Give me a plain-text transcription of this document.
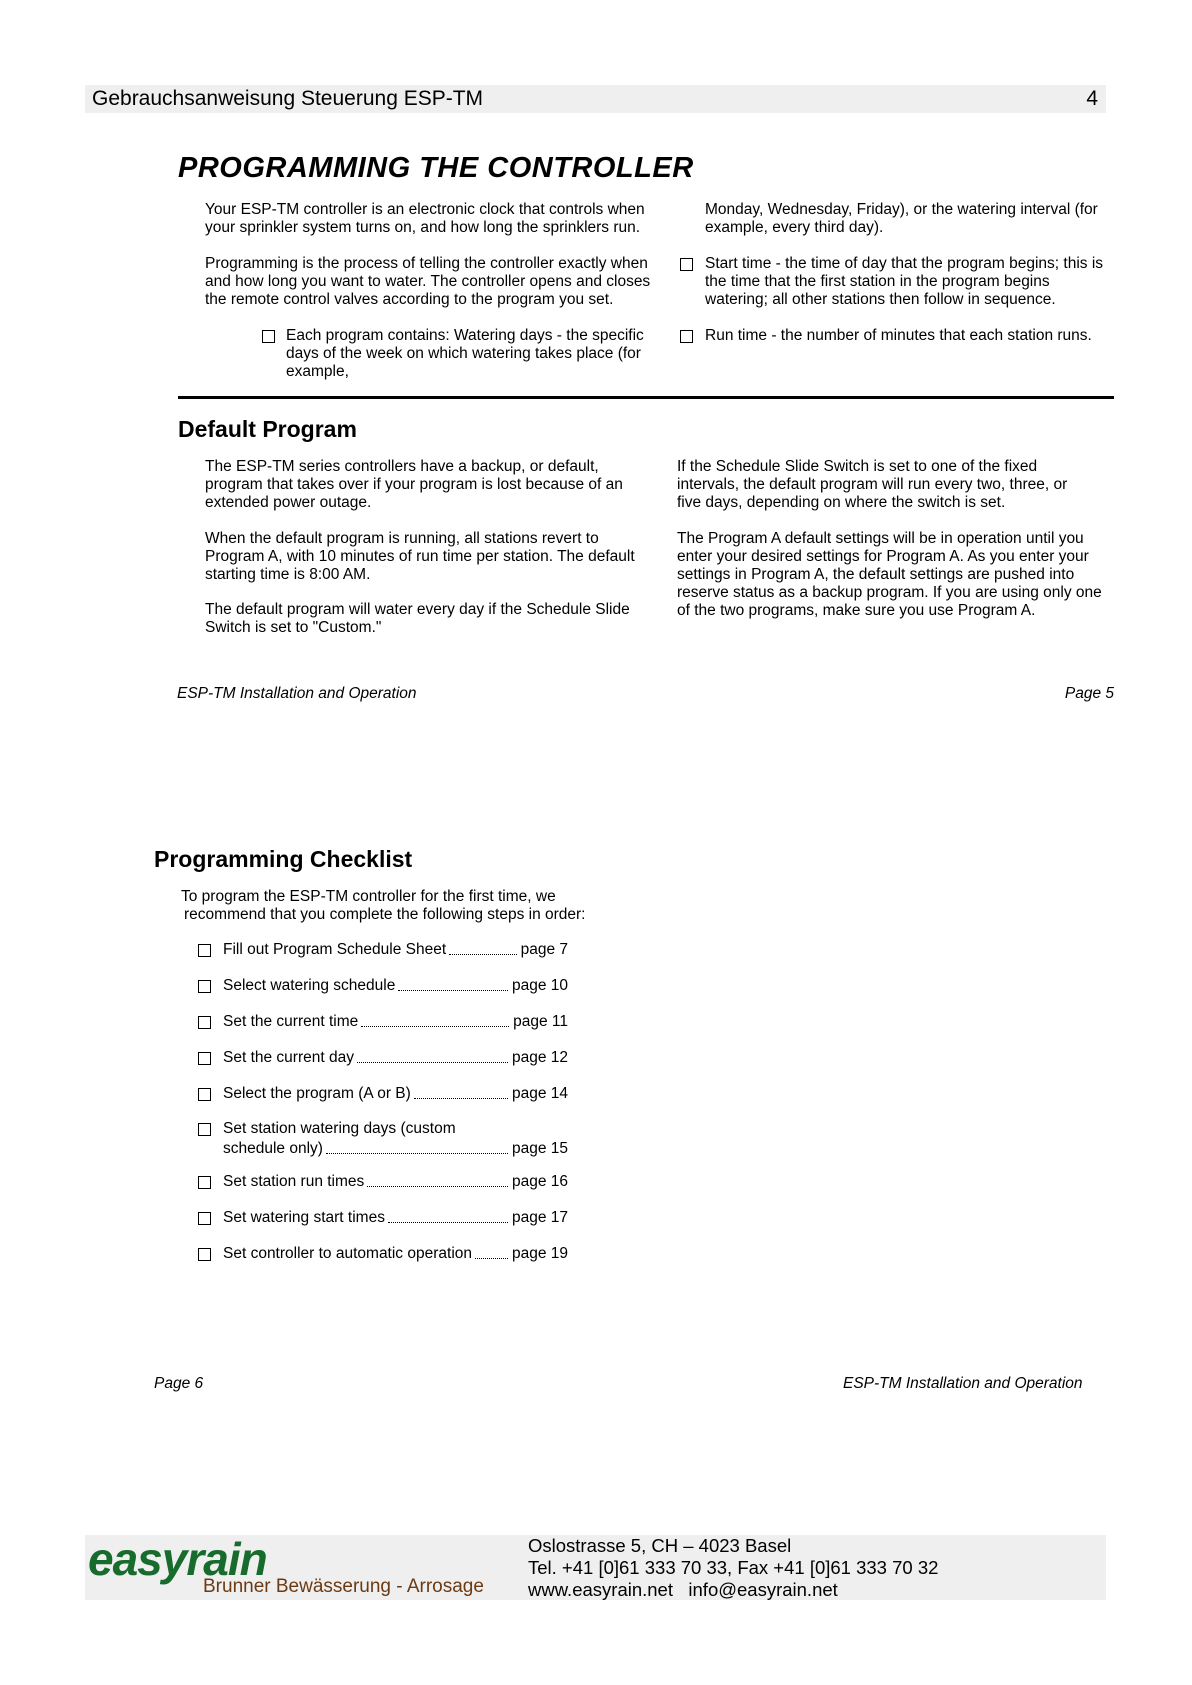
Gebrauchsanweisung Steuerung ESP-TM	4
PROGRAMMING THE CONTROLLER
Your ESP-TM controller is an electronic clock that controls when your sprinkler system turns on, and how long the sprinklers run.
Programming is the process of telling the controller exactly when and how long you want to water. The controller opens and closes the remote control valves according to the program you set.
Each program contains: Watering days - the specific days of the week on which watering takes place (for example,
Monday, Wednesday, Friday), or the watering interval (for example, every third day).
Start time - the time of day that the program begins; this is the time that the first station in the program begins watering; all other stations then follow in sequence.
Run time - the number of minutes that each station runs.
Default Program
The ESP-TM series controllers have a backup, or default, program that takes over if your program is lost because of an extended power outage.
When the default program is running, all stations revert to Program A, with 10 minutes of run time per station. The default starting time is 8:00 AM.
The default program will water every day if the Schedule Slide Switch is set to "Custom."
If the Schedule Slide Switch is set to one of the fixed intervals, the default program will run every two, three, or five days, depending on where the switch is set.
The Program A default settings will be in operation until you enter your desired settings for Program A. As you enter your settings in Program A, the default settings are pushed into reserve status as a backup program. If you are using only one of the two programs, make sure you use Program A.
ESP-TM Installation and Operation	Page 5
Programming Checklist
To program the ESP-TM controller for the first time, we
recommend that you complete the following steps in order:
Fill out Program Schedule Sheet	page 7
Select watering schedule	page 10
Set the current time	page 11
Set the current day	page 12
Select the program (A or B)	page 14
Set station watering days (custom
schedule only)	page 15
Set station run times	page 16
Set watering start times	page 17
Set controller to automatic operation	page 19
Page 6	ESP-TM Installation and Operation
easyrain
Brunner Bewässerung - Arrosage
Oslostrasse 5, CH – 4023 Basel
Tel. +41 [0]61 333 70 33, Fax +41 [0]61 333 70 32
www.easyrain.net   info@easyrain.net
